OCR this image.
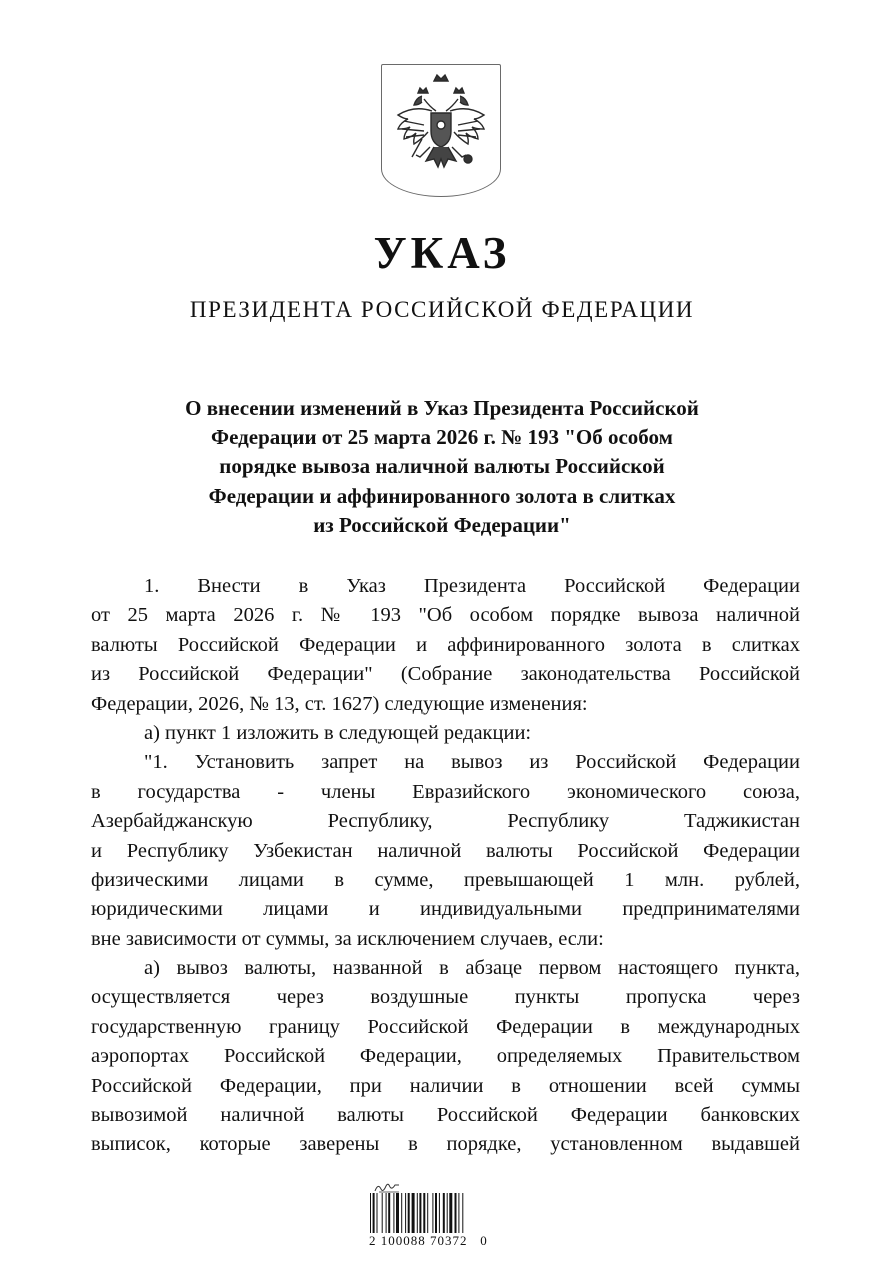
УКАЗ
ПРЕЗИДЕНТА РОССИЙСКОЙ ФЕДЕРАЦИИ
О внесении изменений в Указ Президента Российской
Федерации от 25 марта 2026 г. № 193 "Об особом
порядке вывоза наличной валюты Российской
Федерации и аффинированного золота в слитках
из Российской Федерации"
1. Внести в Указ Президента Российской Федерации
от 25 марта 2026 г. № 193 "Об особом порядке вывоза наличной
валюты Российской Федерации и аффинированного золота в слитках
из Российской Федерации" (Собрание законодательства Российской
Федерации, 2026, № 13, ст. 1627) следующие изменения:
а) пункт 1 изложить в следующей редакции:
"1. Установить запрет на вывоз из Российской Федерации
в государства - члены Евразийского экономического союза,
Азербайджанскую Республику, Республику Таджикистан
и Республику Узбекистан наличной валюты Российской Федерации
физическими лицами в сумме, превышающей 1 млн. рублей,
юридическими лицами и индивидуальными предпринимателями
вне зависимости от суммы, за исключением случаев, если:
а) вывоз валюты, названной в абзаце первом настоящего пункта,
осуществляется через воздушные пункты пропуска через
государственную границу Российской Федерации в международных
аэропортах Российской Федерации, определяемых Правительством
Российской Федерации, при наличии в отношении всей суммы
вывозимой наличной валюты Российской Федерации банковских
выписок, которые заверены в порядке, установленном выдавшей
2 100088 70372   0
